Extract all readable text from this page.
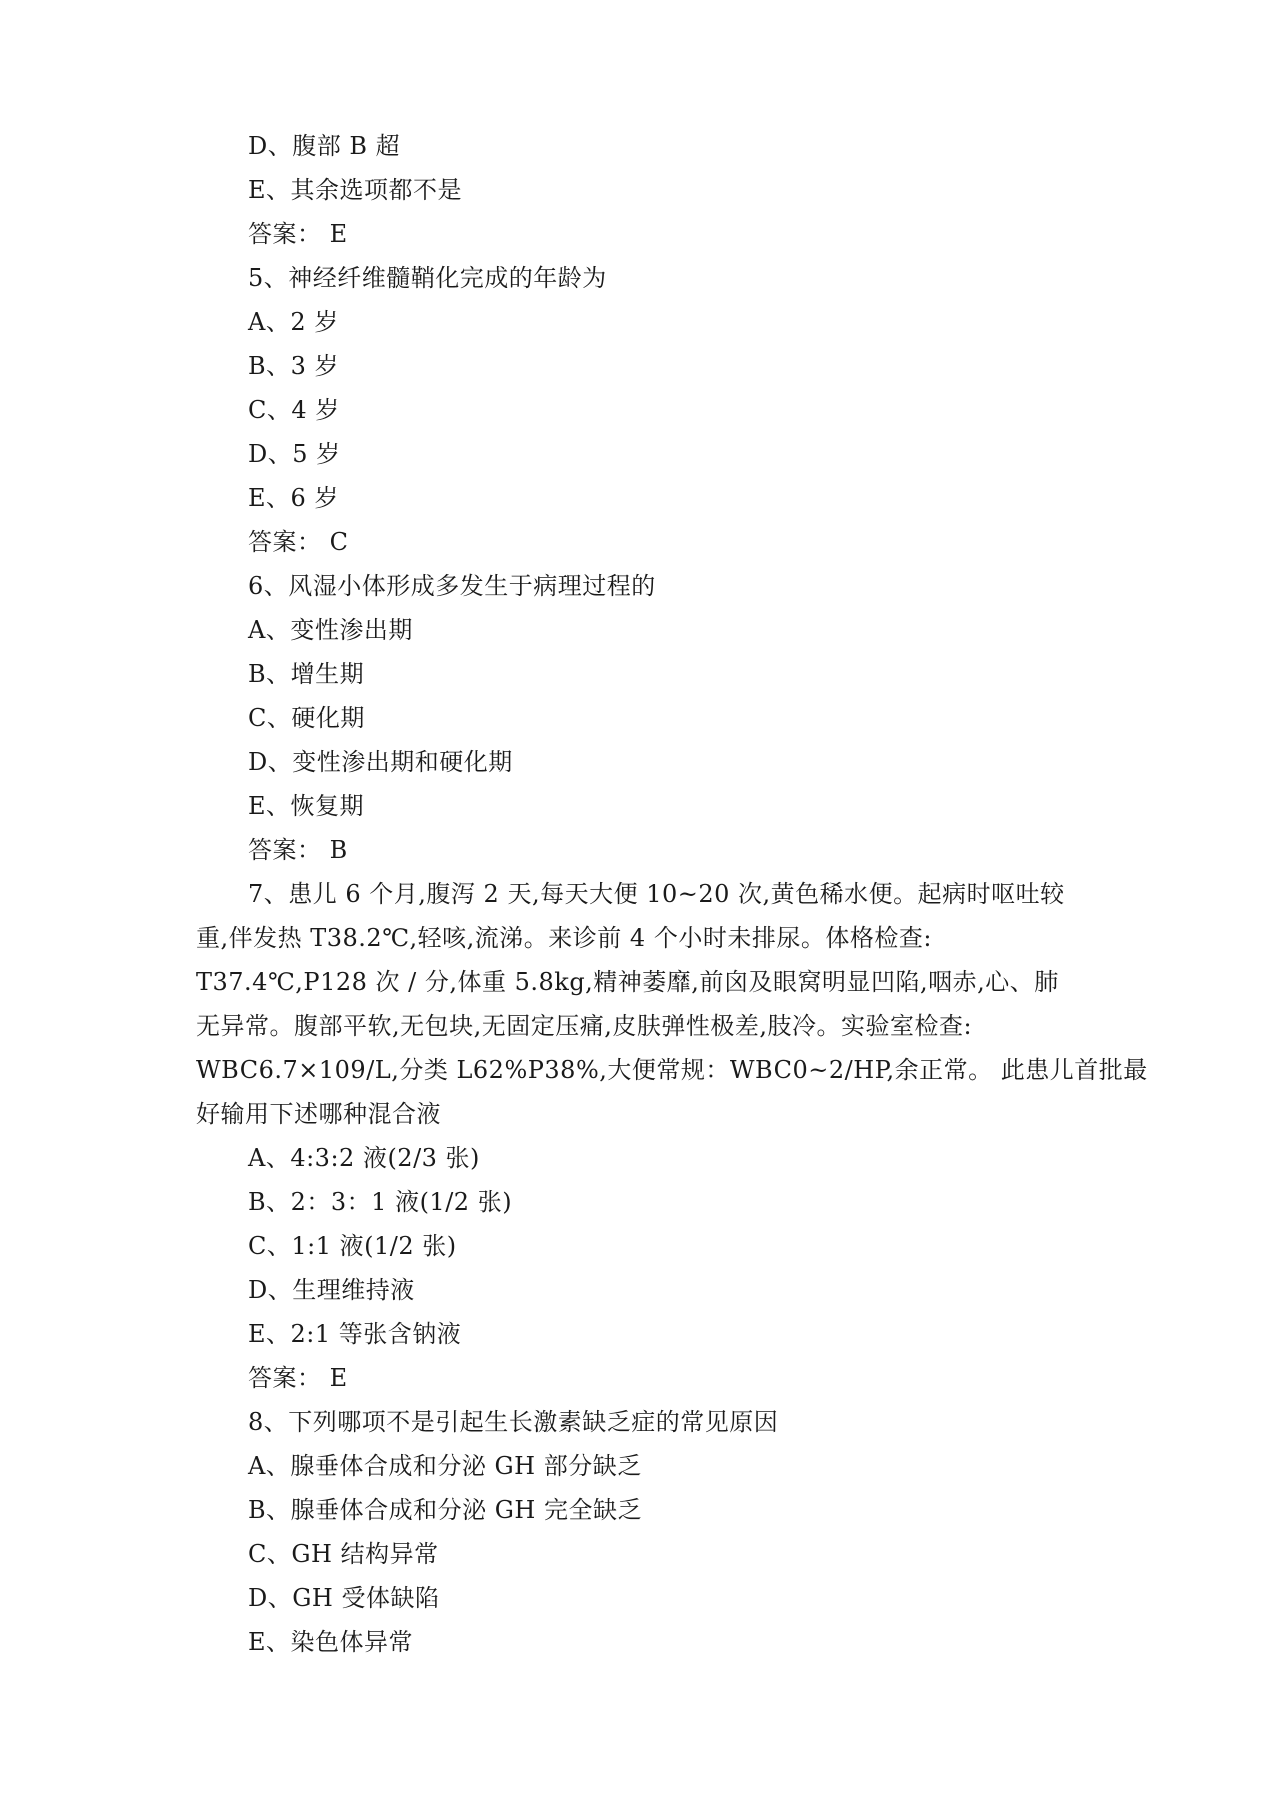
D、腹部 B 超
E、其余选项都不是
答案： E
5、神经纤维髓鞘化完成的年龄为
A、2 岁
B、3 岁
C、4 岁
D、5 岁
E、6 岁
答案： C
6、风湿小体形成多发生于病理过程的
A、变性渗出期
B、增生期
C、硬化期
D、变性渗出期和硬化期
E、恢复期
答案： B
7、患儿 6 个月,腹泻 2 天,每天大便 10~20 次,黄色稀水便。起病时呕吐较
重,伴发热 T38.2℃,轻咳,流涕。来诊前 4 个小时未排尿。体格检查:
T37.4℃,P128 次 / 分,体重 5.8kg,精神萎靡,前囟及眼窝明显凹陷,咽赤,心、肺
无异常。腹部平软,无包块,无固定压痛,皮肤弹性极差,肢冷。实验室检查:
WBC6.7×109/L,分类 L62%P38%,大便常规：WBC0~2/HP,余正常。 此患儿首批最
好输用下述哪种混合液
A、4:3:2 液(2/3 张)
B、2：3：1 液(1/2 张)
C、1:1 液(1/2 张)
D、生理维持液
E、2:1 等张含钠液
答案： E
8、下列哪项不是引起生长激素缺乏症的常见原因
A、腺垂体合成和分泌 GH 部分缺乏
B、腺垂体合成和分泌 GH 完全缺乏
C、GH 结构异常
D、GH 受体缺陷
E、染色体异常
